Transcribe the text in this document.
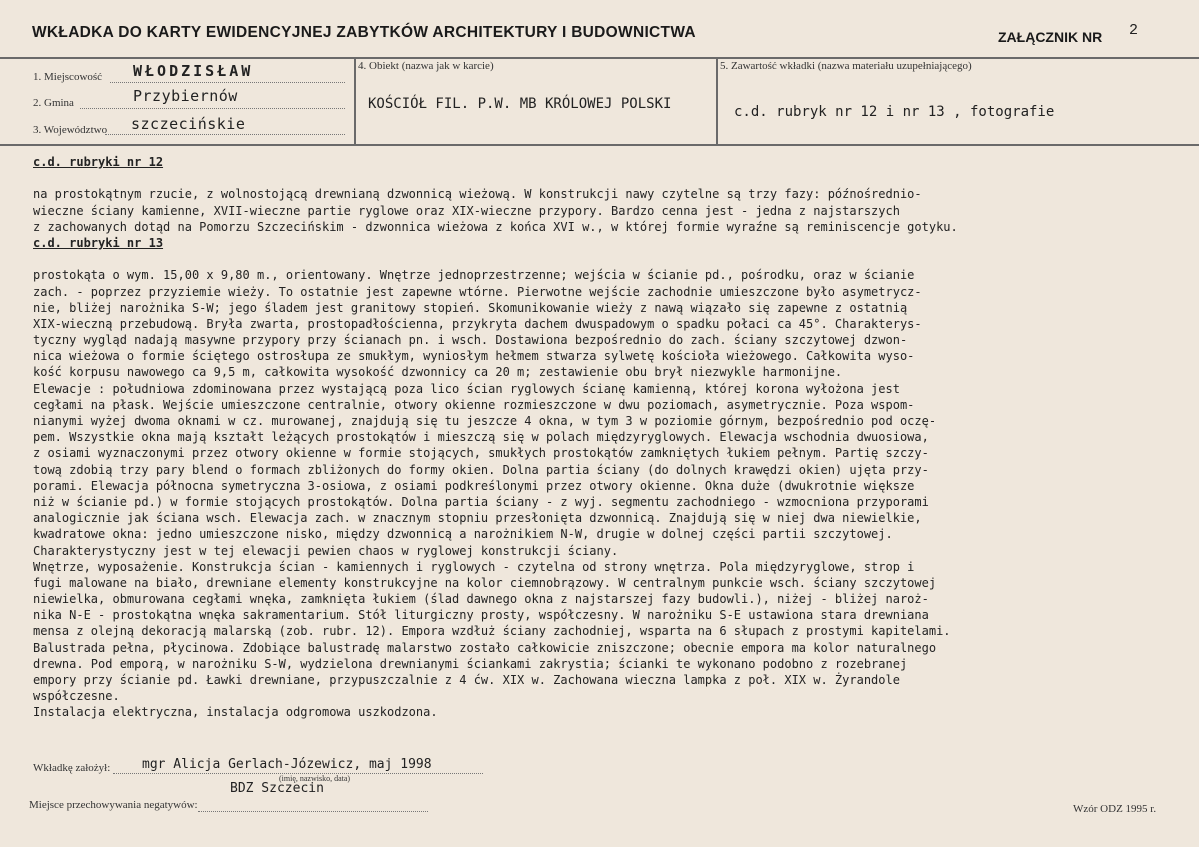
WKŁADKA DO KARTY EWIDENCYJNEJ ZABYTKÓW ARCHITEKTURY I BUDOWNICTWA	ZAŁĄCZNIK NR 2
1. Miejscowość WŁODZISŁAW
2. Gmina	Przybiernów
3. Województwo szczecińskie
4. Obiekt (nazwa jak w karcie)
KOŚCIÓŁ FIL. P.W. MB KRÓLOWEJ POLSKI
5. Zawartość wkładki (nazwa materiału uzupełniającego)
c.d. rubryk nr 12 i nr 13 , fotografie
c.d. rubryki nr 12
na prostokątnym rzucie, z wolnostojącą drewnianą dzwonnicą wieżową. W konstrukcji nawy czytelne są trzy fazy: późnośrednio-
wieczne ściany kamienne, XVII-wieczne partie ryglowe oraz XIX-wieczne przypory. Bardzo cenna jest - jedna z najstarszych
z zachowanych dotąd na Pomorzu Szczecińskim - dzwonnica wieżowa z końca XVI w., w której formie wyraźne są reminiscencje gotyku.
c.d. rubryki nr 13
prostokąta o wym. 15,00 x 9,80 m., orientowany. Wnętrze jednoprzestrzenne; wejścia w ścianie pd., pośrodku, oraz w ścianie
zach. - poprzez przyziemie wieży. To ostatnie jest zapewne wtórne. Pierwotne wejście zachodnie umieszczone było asymetrycz-
nie, bliżej narożnika S-W; jego śladem jest granitowy stopień. Skomunikowanie wieży z nawą wiązało się zapewne z ostatnią
XIX-wieczną przebudową. Bryła zwarta, prostopadłościenna, przykryta dachem dwuspadowym o spadku połaci ca 45°. Charakterys-
tyczny wygląd nadają masywne przypory przy ścianach pn. i wsch. Dostawiona bezpośrednio do zach. ściany szczytowej dzwon-
nica wieżowa o formie ściętego ostrosłupa ze smukłym, wyniosłym hełmem stwarza sylwetę kościoła wieżowego. Całkowita wyso-
kość korpusu nawowego ca 9,5 m, całkowita wysokość dzwonnicy ca 20 m; zestawienie obu brył niezwykle harmonijne.
Elewacje : południowa zdominowana przez wystającą poza lico ścian ryglowych ścianę kamienną, której korona wyłożona jest
cegłami na płask. Wejście umieszczone centralnie, otwory okienne rozmieszczone w dwu poziomach, asymetrycznie. Poza wspom-
nianymi wyżej dwoma oknami w cz. murowanej, znajdują się tu jeszcze 4 okna, w tym 3 w poziomie górnym, bezpośrednio pod oczę-
pem. Wszystkie okna mają kształt leżących prostokątów i mieszczą się w polach międzyryglowych. Elewacja wschodnia dwuosiowa,
z osiami wyznaczonymi przez otwory okienne w formie stojących, smukłych prostokątów zamkniętych łukiem pełnym. Partię szczy-
tową zdobią trzy pary blend o formach zbliżonych do formy okien. Dolna partia ściany (do dolnych krawędzi okien) ujęta przy-
porami. Elewacja północna symetryczna 3-osiowa, z osiami podkreślonymi przez otwory okienne. Okna duże (dwukrotnie większe
niż w ścianie pd.) w formie stojących prostokątów. Dolna partia ściany - z wyj. segmentu zachodniego - wzmocniona przyporami
analogicznie jak ściana wsch. Elewacja zach. w znacznym stopniu przesłonięta dzwonnicą. Znajdują się w niej dwa niewielkie,
kwadratowe okna: jedno umieszczone nisko, między dzwonnicą a narożnikiem N-W, drugie w dolnej części partii szczytowej.
Charakterystyczny jest w tej elewacji pewien chaos w ryglowej konstrukcji ściany.
Wnętrze, wyposażenie. Konstrukcja ścian - kamiennych i ryglowych - czytelna od strony wnętrza. Pola międzyryglowe, strop i
fugi malowane na biało, drewniane elementy konstrukcyjne na kolor ciemnobrązowy. W centralnym punkcie wsch. ściany szczytowej
niewielka, obmurowana cegłami wnęka, zamknięta łukiem (ślad dawnego okna z najstarszej fazy budowli.), niżej - bliżej naroż-
nika N-E - prostokątna wnęka sakramentarium. Stół liturgiczny prosty, współczesny. W narożniku S-E ustawiona stara drewniana
mensa z olejną dekoracją malarską (zob. rubr. 12). Empora wzdłuż ściany zachodniej, wsparta na 6 słupach z prostymi kapitelami.
Balustrada pełna, płycinowa. Zdobiące balustradę malarstwo zostało całkowicie zniszczone; obecnie empora ma kolor naturalnego
drewna. Pod emporą, w narożniku S-W, wydzielona drewnianymi ściankami zakrystia; ścianki te wykonano podobno z rozebranej
empory przy ścianie pd. Ławki drewniane, przypuszczalnie z 4 ćw. XIX w. Zachowana wieczna lampka z poł. XIX w. Żyrandole
współczesne.
Instalacja elektryczna, instalacja odgromowa uszkodzona.
Wkładkę założył: mgr Alicja Gerlach-Józewicz, maj 1998
(imię, nazwisko, data)
BDZ Szczecin
Miejsce przechowywania negatywów:	Wzór ODZ 1995 r.
